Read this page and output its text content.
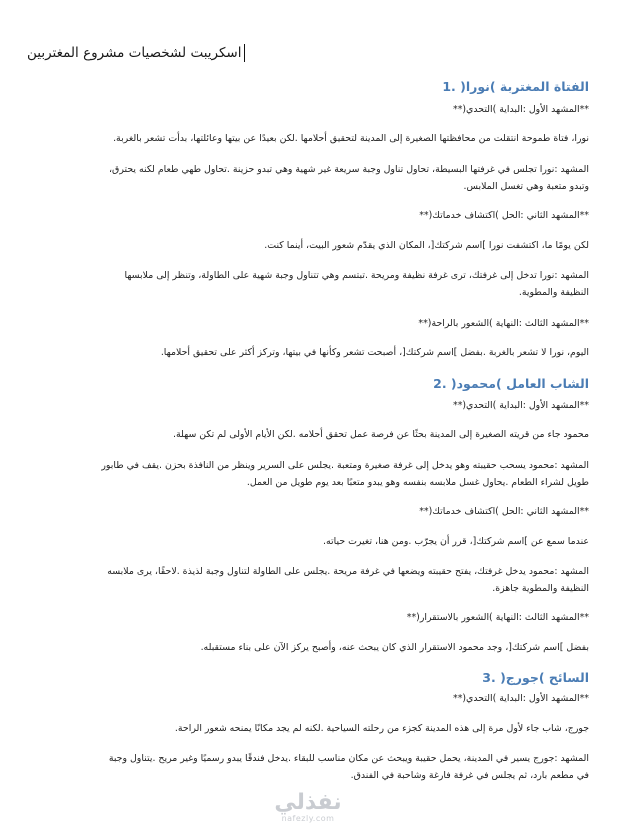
اسكريبت لشخصيات مشروع المغتربين
الفتاة المغتربة )نورا( .1
**المشهد الأول :البداية )التحدي(**
نورا، فتاة طموحة انتقلت من محافظتها الصغيرة إلى المدينة لتحقيق أحلامها .لكن بعيدًا عن بيتها وعائلتها، بدأت تشعر بالغربة.
المشهد :نورا تجلس في غرفتها البسيطة، تحاول تناول وجبة سريعة غير شهية وهي تبدو حزينة .تحاول طهي طعام لكنه يحترق،
وتبدو متعبة وهي تغسل الملابس.
**المشهد الثاني :الحل )اكتشاف خدماتك(**
لكن يومًا ما، اكتشفت نورا ]اسم شركتك[، المكان الذي يقدّم شعور البيت، أينما كنت.
المشهد :نورا تدخل إلى غرفتك، ترى غرفة نظيفة ومريحة .تبتسم وهي تتناول وجبة شهية على الطاولة، وتنظر إلى ملابسها
النظيفة والمطوية.
**المشهد الثالث :النهاية )الشعور بالراحة(**
اليوم، نورا لا تشعر بالغربة .بفضل ]اسم شركتك[، أصبحت تشعر وكأنها في بيتها، وتركز أكثر على تحقيق أحلامها.
الشاب العامل )محمود( .2
**المشهد الأول :البداية )التحدي(**
محمود جاء من قريته الصغيرة إلى المدينة بحثًا عن فرصة عمل تحقق أحلامه .لكن الأيام الأولى لم تكن سهلة.
المشهد :محمود يسحب حقيبته وهو يدخل إلى غرفة صغيرة ومتعبة .يجلس على السرير وينظر من النافذة بحزن .يقف في طابور
طويل لشراء الطعام .يحاول غسل ملابسه بنفسه وهو يبدو متعبًا بعد يوم طويل من العمل.
**المشهد الثاني :الحل )اكتشاف خدماتك(**
عندما سمع عن ]اسم شركتك[، قرر أن يجرّب .ومن هنا، تغيرت حياته.
المشهد :محمود يدخل غرفتك، يفتح حقيبته ويضعها في غرفة مريحة .يجلس على الطاولة لتناول وجبة لذيذة .لاحقًا، يرى ملابسه
النظيفة والمطوية جاهزة.
**المشهد الثالث :النهاية )الشعور بالاستقرار(**
بفضل ]اسم شركتك[، وجد محمود الاستقرار الذي كان يبحث عنه، وأصبح يركز الآن على بناء مستقبله.
السائح )جورج( .3
**المشهد الأول :البداية )التحدي(**
جورج، شاب جاء لأول مرة إلى هذه المدينة كجزء من رحلته السياحية .لكنه لم يجد مكانًا يمنحه شعور الراحة.
المشهد :جورج يسير في المدينة، يحمل حقيبة ويبحث عن مكان مناسب للبقاء .يدخل فندقًا يبدو رسميًا وغير مريح .يتناول وجبة
في مطعم بارد، ثم يجلس في غرفة فارغة وشاحبة في الفندق.
نفذلي
nafezly.com
